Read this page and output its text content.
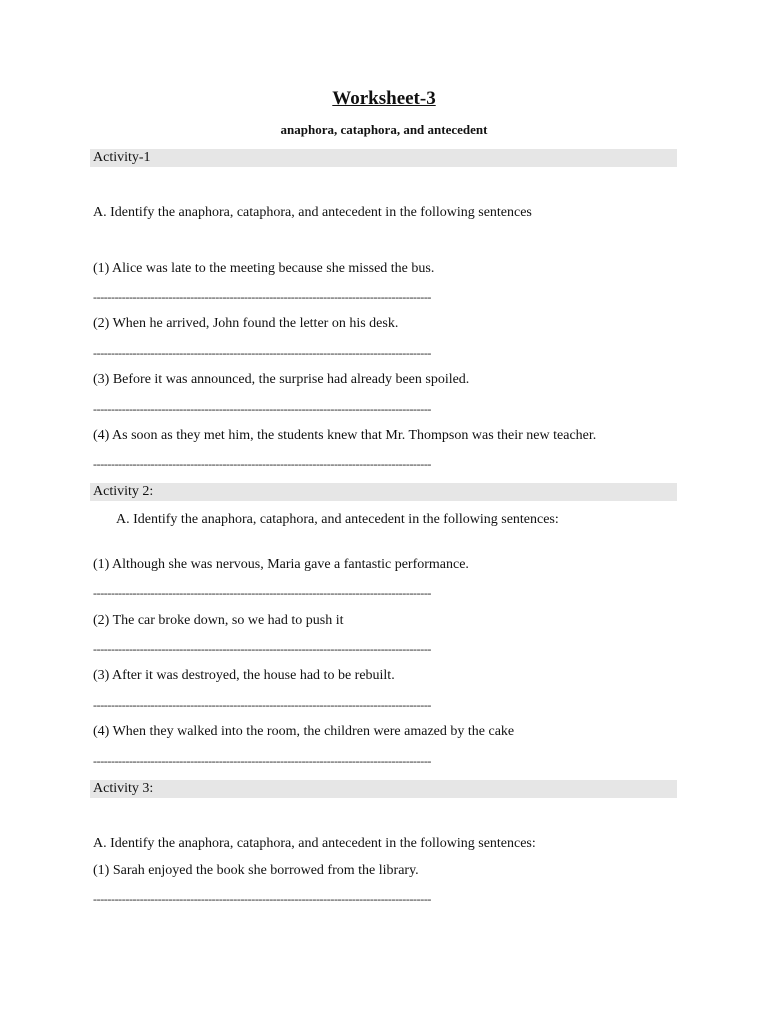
Worksheet-3
anaphora, cataphora, and antecedent
Activity-1
A. Identify the anaphora, cataphora, and antecedent in the following sentences
(1) Alice was late to the meeting because she missed the bus.
----------------------------------------------------------------------------------------------
(2) When he arrived, John found the letter on his desk.
----------------------------------------------------------------------------------------------
(3) Before it was announced, the surprise had already been spoiled.
----------------------------------------------------------------------------------------------
(4) As soon as they met him, the students knew that Mr. Thompson was their new teacher.
----------------------------------------------------------------------------------------------
Activity 2:
A. Identify the anaphora, cataphora, and antecedent in the following sentences:
(1) Although she was nervous, Maria gave a fantastic performance.
----------------------------------------------------------------------------------------------
(2) The car broke down, so we had to push it
----------------------------------------------------------------------------------------------
(3) After it was destroyed, the house had to be rebuilt.
----------------------------------------------------------------------------------------------
(4) When they walked into the room, the children were amazed by the cake
----------------------------------------------------------------------------------------------
Activity 3:
A. Identify the anaphora, cataphora, and antecedent in the following sentences:
(1) Sarah enjoyed the book she borrowed from the library.
----------------------------------------------------------------------------------------------
